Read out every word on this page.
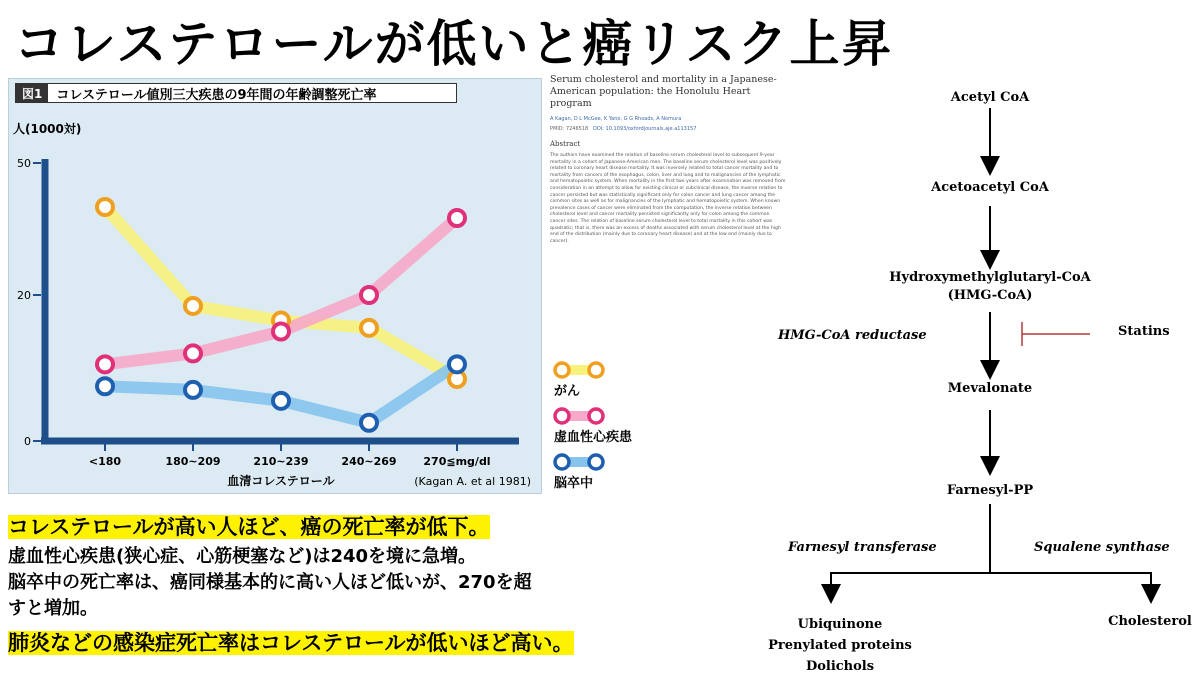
コレステロールが低いと癌リスク上昇
0
20
50
人(1000対)
<180	180~209	210~239	240~269 270≦mg/dl
血清コレステロール	(Kagan A. et al 1981)
図1	コレステロール値別三大疾患の9年間の年齢調整死亡率
がん
虚血性心疾患
脳卒中
Serum cholesterol and mortality in a Japanese-American population: the Honolulu Heart program
A Kagan, D L McGee, K Yano, G G Rhoads, A Nomura
PMID: 7246518 DOI: 10.1093/oxfordjournals.aje.a113157
Abstract
The authors have examined the relation of baseline serum cholesterol level to subsequent 9-year mortality in a cohort of Japanese-American men. The baseline serum cholesterol level was positively related to coronary heart disease mortality. It was inversely related to total cancer mortality and to mortality from cancers of the esophagus, colon, liver and lung and to malignancies of the lymphatic and hematopoietic system. When mortality in the first two years after examination was removed from consideration in an attempt to allow for existing clinical or subclinical disease, the inverse relation to cancer persisted but was statistically significant only for colon cancer and lung cancer among the common sites as well as for malignancies of the lymphatic and hematopoietic system. When known prevalence cases of cancer were eliminated from the computation, the inverse relation between cholesterol level and cancer mortality persisted significantly only for colon among the common cancer sites. The relation of baseline serum cholesterol level to total mortality in this cohort was quadratic; that is, there was an excess of deaths associated with serum cholesterol level at the high end of the distribution (mainly due to coronary heart disease) and at the low end (mainly due to cancer).
コレステロールが高い人ほど、癌の死亡率が低下。
虚血性心疾患(狭心症、心筋梗塞など)は240を境に急増。
脳卒中の死亡率は、癌同様基本的に高い人ほど低いが、270を超
すと増加。
肺炎などの感染症死亡率はコレステロールが低いほど高い。
Acetyl CoA
Acetoacetyl CoA
Hydroxymethylglutaryl-CoA
(HMG-CoA)
HMG-CoA reductase	Statins
Mevalonate
Farnesyl-PP
Farnesyl transferase	Squalene synthase
Ubiquinone
Prenylated proteins
Dolichols
Cholesterol
